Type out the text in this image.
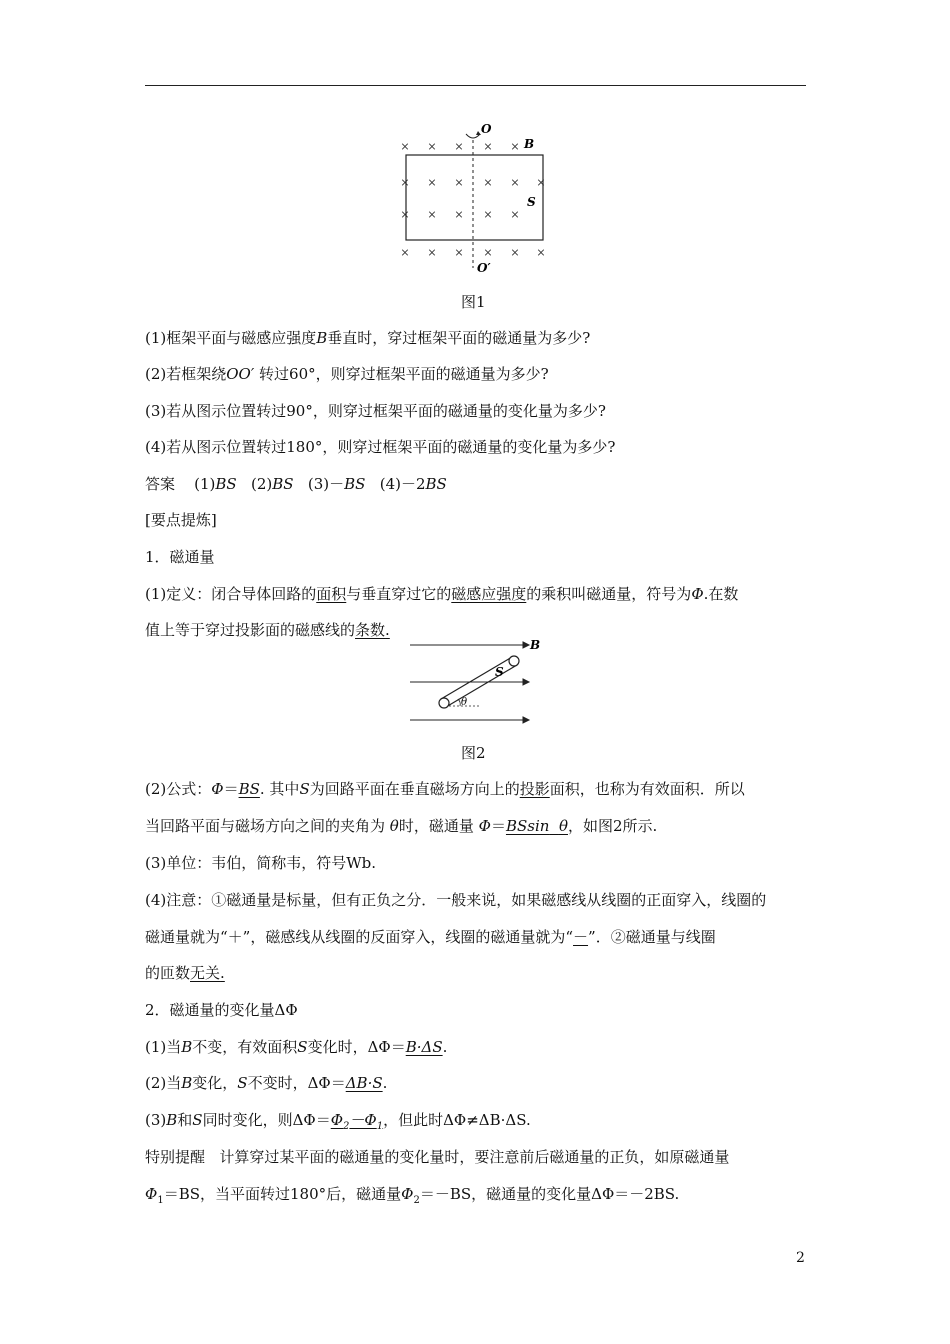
× × × × ×
× × × × × ×
× × × × ×
× × × × × ×
O
B
S
O′
图1
(1)框架平面与磁感应强度B垂直时，穿过框架平面的磁通量为多少?
(2)若框架绕OO′ 转过60°，则穿过框架平面的磁通量为多少?
(3)若从图示位置转过90°，则穿过框架平面的磁通量的变化量为多少?
(4)若从图示位置转过180°，则穿过框架平面的磁通量的变化量为多少?
答案 (1)BS (2)BS (3)－BS (4)－2BS
[要点提炼]
1．磁通量
(1)定义：闭合导体回路的面积与垂直穿过它的磁感应强度的乘积叫磁通量，符号为Φ.在数
值上等于穿过投影面的磁感线的条数.
B
S
θ
图2
(2)公式：Φ＝BS. 其中S为回路平面在垂直磁场方向上的投影面积，也称为有效面积．所以
当回路平面与磁场方向之间的夹角为 θ时，磁通量 Φ＝BSsin θ，如图2所示.
(3)单位：韦伯，简称韦，符号Wb.
(4)注意：①磁通量是标量，但有正负之分．一般来说，如果磁感线从线圈的正面穿入，线圈的
磁通量就为“＋”，磁感线从线圈的反面穿入，线圈的磁通量就为“－”．②磁通量与线圈
的匝数无关.
2．磁通量的变化量ΔΦ
(1)当B不变，有效面积S变化时，ΔΦ＝B·ΔS.
(2)当B变化，S不变时，ΔΦ＝ΔB·S.
(3)B和S同时变化，则$\Delta\Phi=\Phi_2-\Phi_1$，但此时ΔΦ≠ΔB·ΔS.
特别提醒 计算穿过某平面的磁通量的变化量时，要注意前后磁通量的正负，如原磁通量
$\Phi_1=BS$，当平面转过180°后，磁通量$\Phi_2=-BS$，磁通量的变化量ΔΦ＝－2BS.
2
